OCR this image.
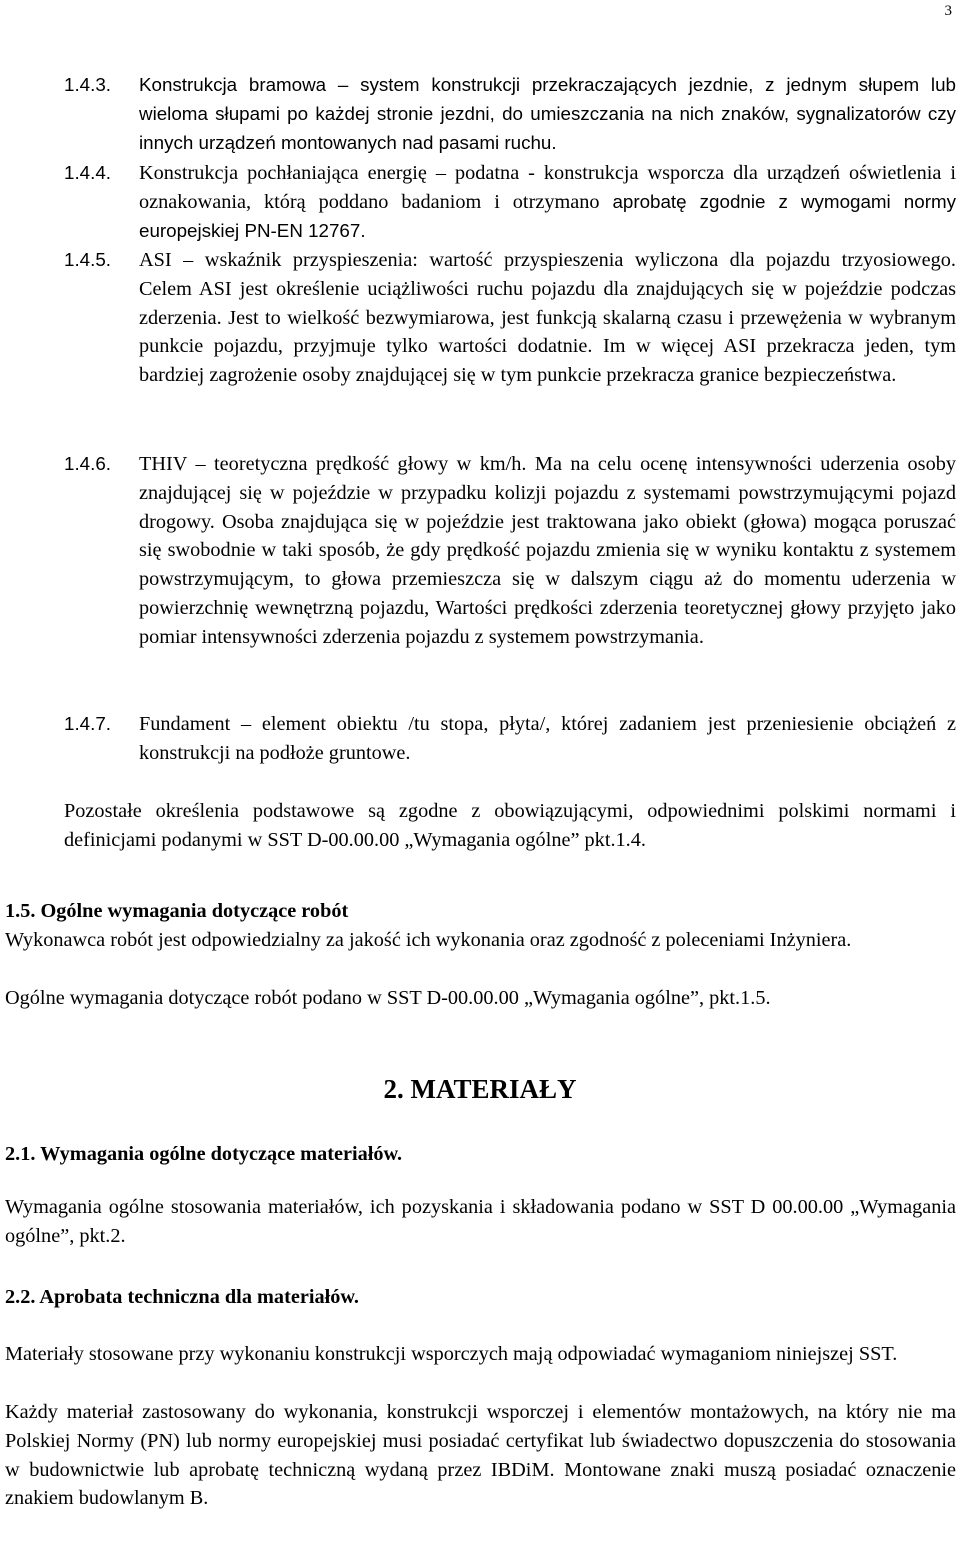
3
1.4.3.	Konstrukcja bramowa – system konstrukcji przekraczających jezdnie, z jednym słupem lub wieloma słupami po każdej stronie jezdni, do umieszczania na nich znaków, sygnalizatorów czy innych urządzeń montowanych nad pasami ruchu.
1.4.4.	Konstrukcja pochłaniająca energię – podatna - konstrukcja wsporcza dla urządzeń oświetlenia i oznakowania, którą poddano badaniom i otrzymano aprobatę zgodnie z wymogami normy europejskiej PN-EN 12767.
1.4.5.	ASI – wskaźnik przyspieszenia: wartość przyspieszenia wyliczona dla pojazdu trzyosiowego. Celem ASI jest określenie uciążliwości ruchu pojazdu dla znajdujących się w pojeździe podczas zderzenia. Jest to wielkość bezwymiarowa, jest funkcją skalarną czasu i przewężenia w wybranym punkcie pojazdu, przyjmuje tylko wartości dodatnie. Im w więcej ASI przekracza jeden, tym bardziej zagrożenie osoby znajdującej się w tym punkcie przekracza granice bezpieczeństwa.
1.4.6.	THIV – teoretyczna prędkość głowy w km/h. Ma na celu ocenę intensywności uderzenia osoby znajdującej się w pojeździe w przypadku kolizji pojazdu z systemami powstrzymującymi pojazd drogowy. Osoba znajdująca się w pojeździe jest traktowana jako obiekt (głowa) mogąca poruszać się swobodnie w taki sposób, że gdy prędkość pojazdu zmienia się w wyniku kontaktu z systemem powstrzymującym, to głowa przemieszcza się w dalszym ciągu aż do momentu uderzenia w powierzchnię wewnętrzną pojazdu, Wartości prędkości zderzenia teoretycznej głowy przyjęto jako pomiar intensywności zderzenia pojazdu z systemem powstrzymania.
1.4.7.	Fundament – element obiektu /tu stopa, płyta/, której zadaniem jest przeniesienie obciążeń z konstrukcji na podłoże gruntowe.
Pozostałe określenia podstawowe są zgodne z obowiązującymi, odpowiednimi polskimi normami i definicjami podanymi w SST D-00.00.00 „Wymagania ogólne” pkt.1.4.
1.5. Ogólne wymagania dotyczące robót
Wykonawca robót jest odpowiedzialny za jakość ich wykonania oraz zgodność z poleceniami Inżyniera.
Ogólne wymagania dotyczące robót podano w SST D-00.00.00 „Wymagania ogólne”, pkt.1.5.
2. MATERIAŁY
2.1. Wymagania ogólne dotyczące materiałów.
Wymagania ogólne stosowania materiałów, ich pozyskania i składowania podano w SST D 00.00.00 „Wymagania ogólne”, pkt.2.
2.2. Aprobata techniczna dla materiałów.
Materiały stosowane przy wykonaniu konstrukcji wsporczych mają odpowiadać wymaganiom niniejszej SST.
Każdy materiał zastosowany do wykonania, konstrukcji wsporczej i elementów montażowych, na który nie ma Polskiej Normy (PN) lub normy europejskiej musi posiadać certyfikat lub świadectwo dopuszczenia do stosowania w budownictwie lub aprobatę techniczną wydaną przez IBDiM. Montowane znaki muszą posiadać oznaczenie znakiem budowlanym B.
